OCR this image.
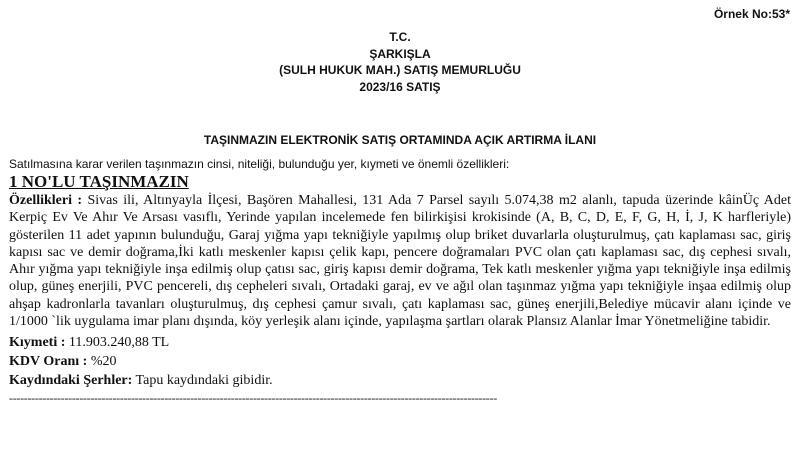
Örnek No:53*
T.C.
ŞARKIŞLA
(SULH HUKUK MAH.) SATIŞ MEMURLUĞU
2023/16 SATIŞ
TAŞINMAZIN ELEKTRONİK SATIŞ ORTAMINDA AÇIK ARTIRMA İLANI
Satılmasına karar verilen taşınmazın cinsi, niteliği, bulunduğu yer, kıymeti ve önemli özellikleri:
1 NO'LU TAŞINMAZIN

Özellikleri : Sivas ili, Altınyayla İlçesi, Başören Mahallesi, 131 Ada 7 Parsel sayılı 5.074,38 m2 alanlı, tapuda üzerinde kâinÜç Adet Kerpiç Ev Ve Ahır Ve Arsası vasıflı, Yerinde yapılan incelemede fen bilirkişisi krokisinde (A, B, C, D, E, F, G, H, İ, J, K harfleriyle) gösterilen 11 adet yapının bulunduğu, Garaj yığma yapı tekniğiyle yapılmış olup briket duvarlarla oluşturulmuş, çatı kaplaması sac, giriş kapısı sac ve demir doğrama,İki katlı meskenler kapısı çelik kapı, pencere doğramaları PVC olan çatı kaplaması sac, dış cephesi sıvalı, Ahır yığma yapı tekniğiyle inşa edilmiş olup çatısı sac, giriş kapısı demir doğrama, Tek katlı meskenler yığma yapı tekniğiyle inşa edilmiş olup, güneş enerjili, PVC pencereli, dış cepheleri sıvalı, Ortadaki garaj, ev ve ağıl olan taşınmaz yığma yapı tekniğiyle inşaa edilmiş olup ahşap kadronlarla tavanları oluşturulmuş, dış cephesi çamur sıvalı, çatı kaplaması sac, güneş enerjili,Belediye mücavir alanı içinde ve 1/1000 `lik uygulama imar planı dışında, köy yerleşik alanı içinde, yapılaşma şartları olarak Plansız Alanlar İmar Yönetmeliğine tabidir.

Kıymeti : 11.903.240,88 TL
KDV Oranı : %20
Kaydındaki Şerhler: Tapu kaydındaki gibidir.
------------------------------------------------------------------------------------------------------------------------------------
